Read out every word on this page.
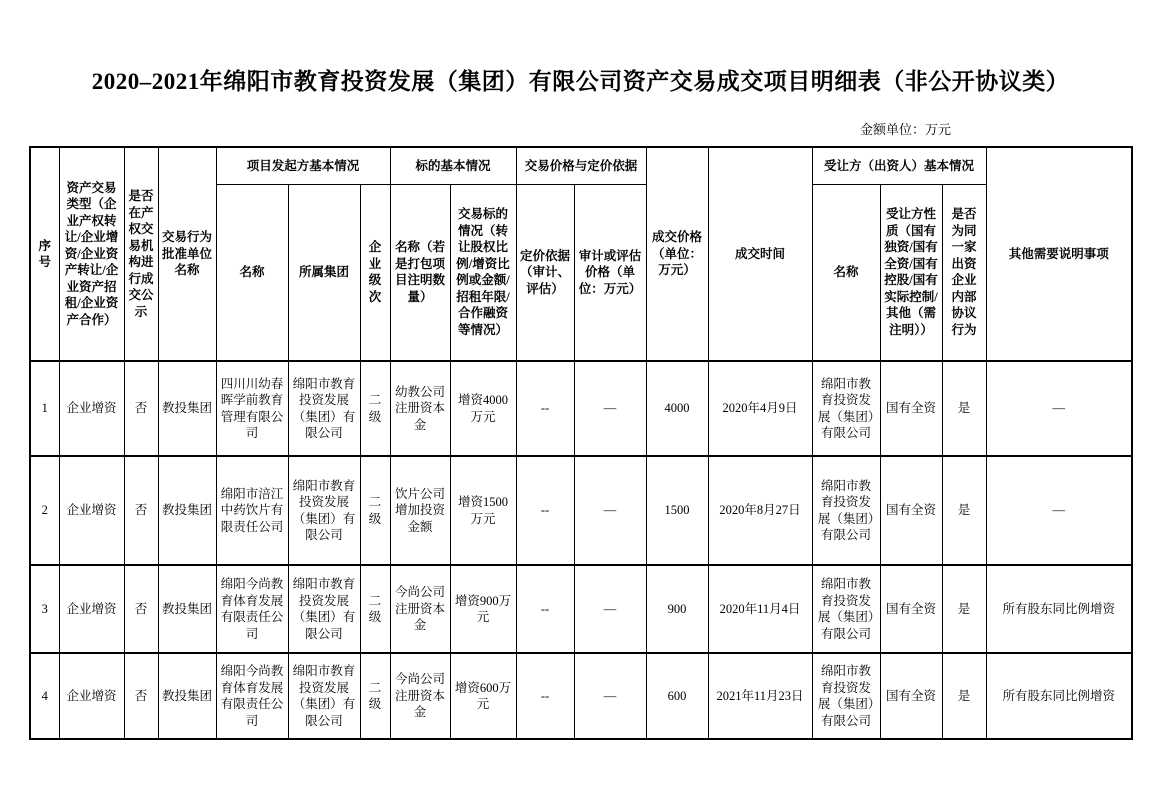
2020–2021年绵阳市教育投资发展（集团）有限公司资产交易成交项目明细表（非公开协议类）
金额单位：万元
序号	资产交易类型（企业产权转让/企业增资/企业资产转让/企业资产招租/企业资产合作）	是否在产权交易机构进行成交公示	交易行为批准单位名称	项目发起方基本情况			标的基本情况		交易价格与定价依据		成交价格（单位：万元）	成交时间	受让方（出资人）基本情况			其他需要说明事项
				名称	所属集团	企业级次	名称（若是打包项目注明数量）	交易标的情况（转让股权比例/增资比例或金额/招租年限/合作融资等情况）	定价依据（审计、评估）	审计或评估价格（单位：万元）			名称	受让方性质（国有独资/国有全资/国有控股/国有实际控制/其他（需注明））	是否为同一家出资企业内部协议行为	
1	企业增资	否	教投集团	四川川幼春晖学前教育管理有限公司	绵阳市教育投资发展（集团）有限公司	二级	幼教公司注册资本金	增资4000万元	--	—	4000	2020年4月9日	绵阳市教育投资发展（集团）有限公司	国有全资	是	—
2	企业增资	否	教投集团	绵阳市涪江中药饮片有限责任公司	绵阳市教育投资发展（集团）有限公司	二级	饮片公司增加投资金额	增资1500万元	--	—	1500	2020年8月27日	绵阳市教育投资发展（集团）有限公司	国有全资	是	—
3	企业增资	否	教投集团	绵阳今尚教育体育发展有限责任公司	绵阳市教育投资发展（集团）有限公司	二级	今尚公司注册资本金	增资900万元	--	—	900	2020年11月4日	绵阳市教育投资发展（集团）有限公司	国有全资	是	所有股东同比例增资
4	企业增资	否	教投集团	绵阳今尚教育体育发展有限责任公司	绵阳市教育投资发展（集团）有限公司	二级	今尚公司注册资本金	增资600万元	--	—	600	2021年11月23日	绵阳市教育投资发展（集团）有限公司	国有全资	是	所有股东同比例增资
